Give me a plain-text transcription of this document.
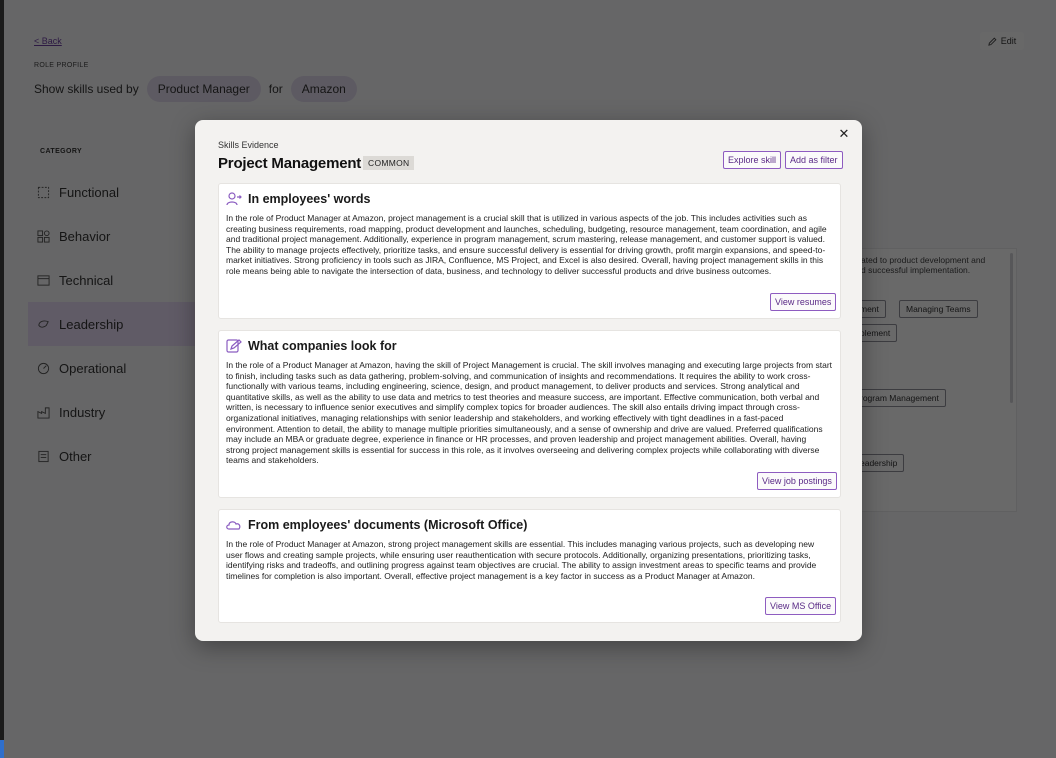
✕
Skills Evidence
Project Management COMMON	Explore skill	Add as filter
In employees' words
In the role of Product Manager at Amazon, project management is a crucial skill that is utilized in various aspects of the job. This includes activities such as creating business requirements, road mapping, product development and launches, scheduling, budgeting, resource management, team coordination, and agile and traditional project management. Additionally, experience in program management, scrum mastering, release management, and customer support is valued. The ability to manage projects effectively, prioritize tasks, and ensure successful delivery is essential for driving growth, profit margin expansions, and speed-to-market initiatives. Strong proficiency in tools such as JIRA, Confluence, MS Project, and Excel is also desired. Overall, having project management skills in this role means being able to navigate the intersection of data, business, and technology to deliver successful products and drive business outcomes.
View resumes
What companies look for
In the role of a Product Manager at Amazon, having the skill of Project Management is crucial. The skill involves managing and executing large projects from start to finish, including tasks such as data gathering, problem-solving, and communication of insights and recommendations. It requires the ability to work cross-functionally with various teams, including engineering, science, design, and product management, to deliver products and services. Strong analytical and quantitative skills, as well as the ability to use data and metrics to test theories and measure success, are important. Effective communication, both verbal and written, is necessary to influence senior executives and simplify complex topics for broader audiences. The skill also entails driving impact through cross-organizational initiatives, managing relationships with senior leadership and stakeholders, and working effectively with tight deadlines in a fast-paced environment. Attention to detail, the ability to manage multiple priorities simultaneously, and a sense of ownership and drive are valued. Preferred qualifications may include an MBA or graduate degree, experience in finance or HR processes, and proven leadership and project management abilities. Overall, having strong project management skills is essential for success in this role, as it involves overseeing and delivering complex projects while collaborating with diverse teams and stakeholders.
View job postings
From employees' documents (Microsoft Office)
In the role of Product Manager at Amazon, strong project management skills are essential. This includes managing various projects, such as developing new user flows and creating sample projects, while ensuring user reauthentication with secure protocols. Additionally, organizing presentations, prioritizing tasks, identifying risks and tradeoffs, and outlining progress against team objectives are crucial. The ability to assign investment areas to specific teams and provide timelines for completion is also important. Overall, effective project management is a key factor in success as a Product Manager at Amazon.
View MS Office
